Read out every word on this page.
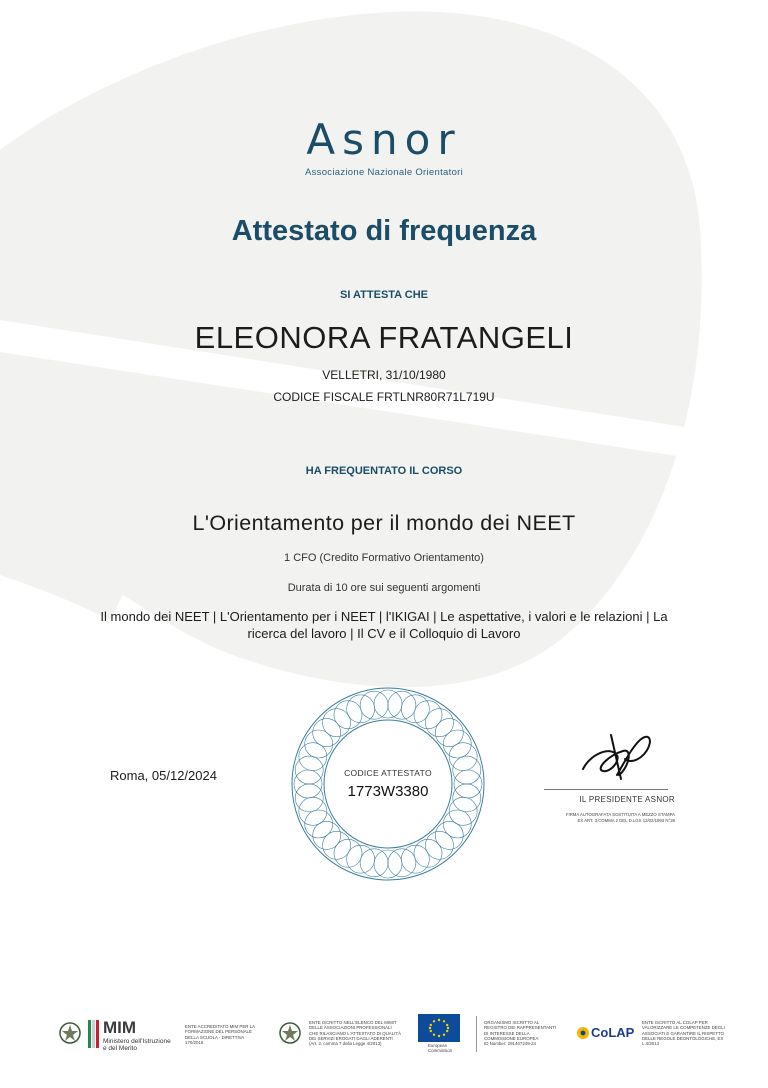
Asnor
Associazione Nazionale Orientatori
Attestato di frequenza
SI ATTESTA CHE
ELEONORA FRATANGELI
VELLETRI, 31/10/1980
CODICE FISCALE FRTLNR80R71L719U
HA FREQUENTATO IL CORSO
L'Orientamento per il mondo dei NEET
1 CFO (Credito Formativo Orientamento)
Durata di 10 ore sui seguenti argomenti
Il mondo dei NEET | L'Orientamento per i NEET | l'IKIGAI | Le aspettative, i valori e le relazioni | La ricerca del lavoro | Il CV e il Colloquio di Lavoro
Roma, 05/12/2024	CODICE ATTESTATO
1773W3380	IL PRESIDENTE ASNOR
FIRMA AUTOGRAFATA SOSTITUITA A MEZZO STAMPA
EX ART. 3,COMMA 2 DEL D.LGS 12/02/1993 N°39
MIM
Ministero dell'Istruzione
e del Merito
ENTE ACCREDITATO MIM PER LA
FORMAZIONE DEL PERSONALE
DELLA SCUOLA - DIRETTIVA
170/2016
ENTE ISCRITTO NELL'ELENCO DEL MIMIT
DELLE ASSOCIAZIONI PROFESSIONALI
CHE RILASCIANO L'ATTESTATO DI QUALITÀ
DEI SERVIZI EROGATI DAGLI ADERENTI
(Art. 2, comma 7 della Legge 4/2013)	European
Commission
ORGANISMO ISCRITTO AL
REGISTRO DEI RAPPRESENTANTI
DI INTERESSE DELLA
COMMISSIONE EUROPEA
ID Number: 291447249-24
CoLAP
ENTE ISCRITTO AL COLAP PER
VALORIZZARE LE COMPETENZE DEGLI
ASSOCIATI E GARANTIRE IL RISPETTO
DELLE REGOLE DEONTOLOGICHE, EX
L.4/2013
